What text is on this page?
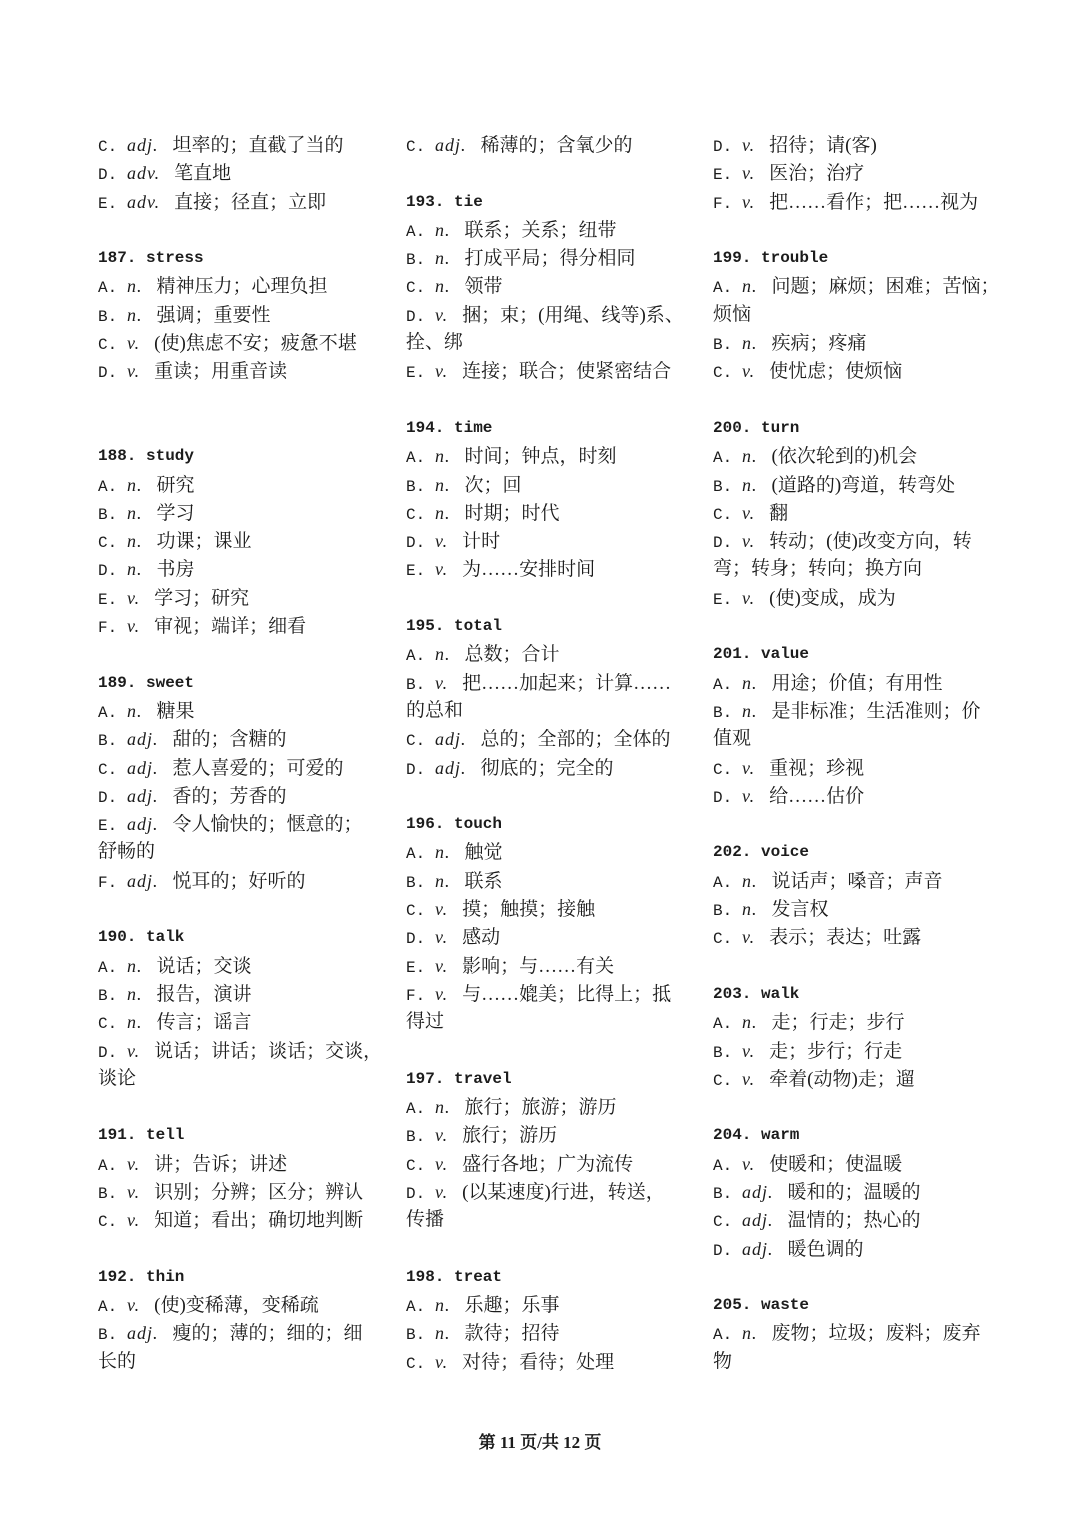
C. adj. 坦率的；直截了当的
D. adv. 笔直地
E. adv. 直接；径直；立即
187. stress
A. n. 精神压力；心理负担
B. n. 强调；重要性
C. v. (使)焦虑不安；疲惫不堪
D. v. 重读；用重音读
188. study
A. n. 研究
B. n. 学习
C. n. 功课；课业
D. n. 书房
E. v. 学习；研究
F. v. 审视；端详；细看
189. sweet
A. n. 糖果
B. adj. 甜的；含糖的
C. adj. 惹人喜爱的；可爱的
D. adj. 香的；芳香的
E. adj. 令人愉快的；惬意的；
舒畅的
F. adj. 悦耳的；好听的
190. talk
A. n. 说话；交谈
B. n. 报告，演讲
C. n. 传言；谣言
D. v. 说话；讲话；谈话；交谈，
谈论
191. tell
A. v. 讲；告诉；讲述
B. v. 识别；分辨；区分；辨认
C. v. 知道；看出；确切地判断
192. thin
A. v. (使)变稀薄，变稀疏
B. adj. 瘦的；薄的；细的；细
长的
C. adj. 稀薄的；含氧少的
193. tie
A. n. 联系；关系；纽带
B. n. 打成平局；得分相同
C. n. 领带
D. v. 捆；束；(用绳、线等)系、
拴、绑
E. v. 连接；联合；使紧密结合
194. time
A. n. 时间；钟点，时刻
B. n. 次；回
C. n. 时期；时代
D. v. 计时
E. v. 为……安排时间
195. total
A. n. 总数；合计
B. v. 把……加起来；计算……
的总和
C. adj. 总的；全部的；全体的
D. adj. 彻底的；完全的
196. touch
A. n. 触觉
B. n. 联系
C. v. 摸；触摸；接触
D. v. 感动
E. v. 影响；与……有关
F. v. 与……媲美；比得上；抵
得过
197. travel
A. n. 旅行；旅游；游历
B. v. 旅行；游历
C. v. 盛行各地；广为流传
D. v. (以某速度)行进，转送，
传播
198. treat
A. n. 乐趣；乐事
B. n. 款待；招待
C. v. 对待；看待；处理
D. v. 招待；请(客)
E. v. 医治；治疗
F. v. 把……看作；把……视为
199. trouble
A. n. 问题；麻烦；困难；苦恼；
烦恼
B. n. 疾病；疼痛
C. v. 使忧虑；使烦恼
200. turn
A. n. (依次轮到的)机会
B. n. (道路的)弯道，转弯处
C. v. 翻
D. v. 转动；(使)改变方向，转
弯；转身；转向；换方向
E. v. (使)变成，成为
201. value
A. n. 用途；价值；有用性
B. n. 是非标准；生活准则；价
值观
C. v. 重视；珍视
D. v. 给……估价
202. voice
A. n. 说话声；嗓音；声音
B. n. 发言权
C. v. 表示；表达；吐露
203. walk
A. n. 走；行走；步行
B. v. 走；步行；行走
C. v. 牵着(动物)走；遛
204. warm
A. v. 使暖和；使温暖
B. adj. 暖和的；温暖的
C. adj. 温情的；热心的
D. adj. 暖色调的
205. waste
A. n. 废物；垃圾；废料；废弃
物
第 11 页/共 12 页
